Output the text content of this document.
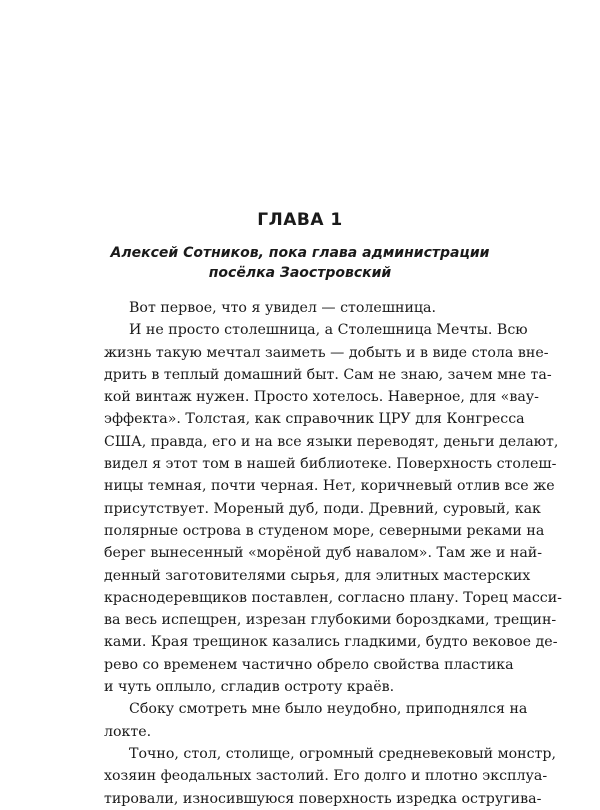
ГЛАВА 1
Алексей Сотников, пока глава администрации
посёлка Заостровский
Вот первое, что я увидел — столешница.
И не просто столешница, а Столешница Мечты. Всю
жизнь такую мечтал заиметь — добыть и в виде стола вне-
дрить в теплый домашний быт. Сам не знаю, зачем мне та-
кой винтаж нужен. Просто хотелось. Наверное, для «вау-
эффекта». Толстая, как справочник ЦРУ для Конгресса
США, правда, его и на все языки переводят, деньги делают,
видел я этот том в нашей библиотеке. Поверхность столеш-
ницы темная, почти черная. Нет, коричневый отлив все же
присутствует. Мореный дуб, поди. Древний, суровый, как
полярные острова в студеном море, северными реками на
берег вынесенный «морёной дуб навалом». Там же и най-
денный заготовителями сырья, для элитных мастерских
краснодеревщиков поставлен, согласно плану. Торец масси-
ва весь испещрен, изрезан глубокими бороздками, трещин-
ками. Края трещинок казались гладкими, будто вековое де-
рево со временем частично обрело свойства пластика
и чуть оплыло, сгладив остроту краёв.
Сбоку смотреть мне было неудобно, приподнялся на
локте.
Точно, стол, столище, огромный средневековый монстр,
хозяин феодальных застолий. Его долго и плотно эксплуа-
тировали, износившуюся поверхность изредка остругива-
